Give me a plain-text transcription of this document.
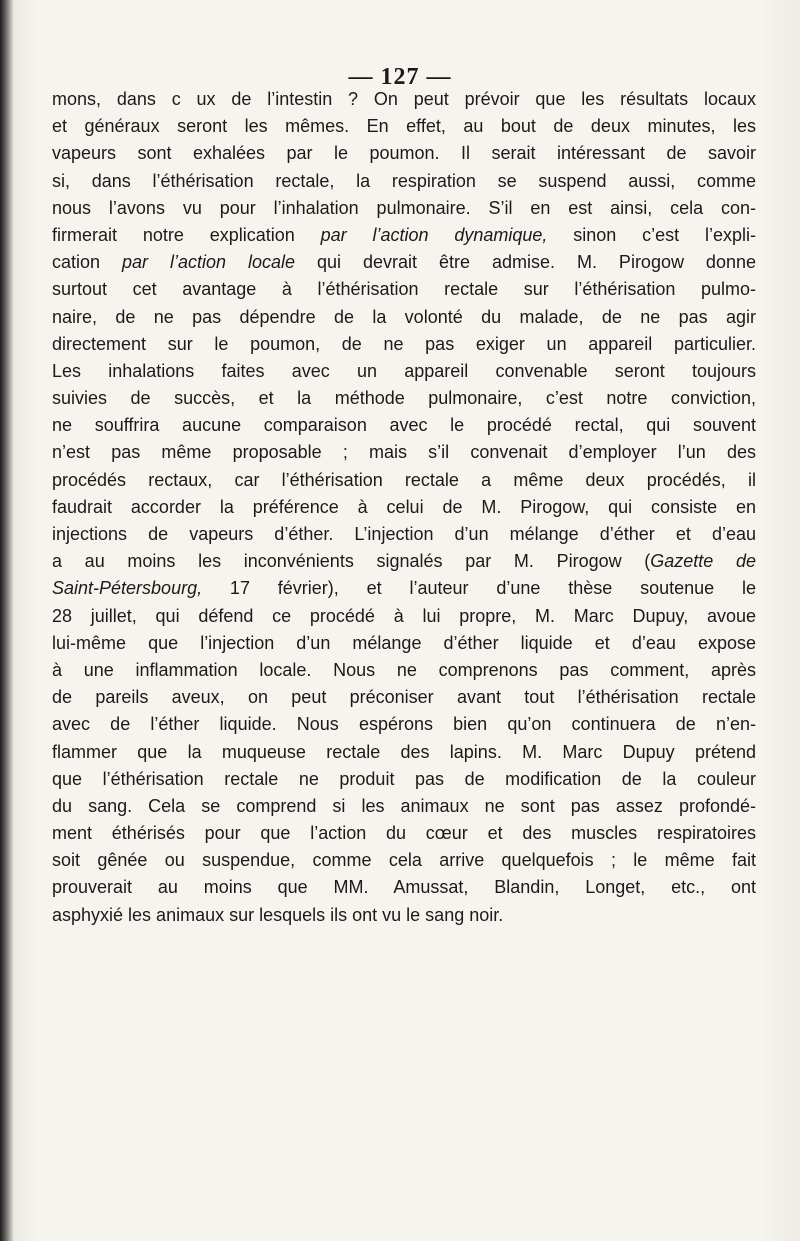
— 127 —
mons, dans c ux de l’intestin ? On peut prévoir que les résultats locaux
et généraux seront les mêmes. En effet, au bout de deux minutes, les
vapeurs sont exhalées par le poumon. Il serait intéressant de savoir
si, dans l’éthérisation rectale, la respiration se suspend aussi, comme
nous l’avons vu pour l’inhalation pulmonaire. S’il en est ainsi, cela con-
firmerait notre explication par l’action dynamique, sinon c’est l’expli-
cation par l’action locale qui devrait être admise. M. Pirogow donne
surtout cet avantage à l’éthérisation rectale sur l’éthérisation pulmo-
naire, de ne pas dépendre de la volonté du malade, de ne pas agir
directement sur le poumon, de ne pas exiger un appareil particulier.
Les inhalations faites avec un appareil convenable seront toujours
suivies de succès, et la méthode pulmonaire, c’est notre conviction,
ne souffrira aucune comparaison avec le procédé rectal, qui souvent
n’est pas même proposable ; mais s’il convenait d’employer l’un des
procédés rectaux, car l’éthérisation rectale a même deux procédés, il
faudrait accorder la préférence à celui de M. Pirogow, qui consiste en
injections de vapeurs d’éther. L’injection d’un mélange d’éther et d’eau
a au moins les inconvénients signalés par M. Pirogow (Gazette de
Saint-Pétersbourg, 17 février), et l’auteur d’une thèse soutenue le
28 juillet, qui défend ce procédé à lui propre, M. Marc Dupuy, avoue
lui-même que l’injection d’un mélange d’éther liquide et d’eau expose
à une inflammation locale. Nous ne comprenons pas comment, après
de pareils aveux, on peut préconiser avant tout l’éthérisation rectale
avec de l’éther liquide. Nous espérons bien qu’on continuera de n’en-
flammer que la muqueuse rectale des lapins. M. Marc Dupuy prétend
que l’éthérisation rectale ne produit pas de modification de la couleur
du sang. Cela se comprend si les animaux ne sont pas assez profondé-
ment éthérisés pour que l’action du cœur et des muscles respiratoires
soit gênée ou suspendue, comme cela arrive quelquefois ; le même fait
prouverait au moins que MM. Amussat, Blandin, Longet, etc., ont
asphyxié les animaux sur lesquels ils ont vu le sang noir.
